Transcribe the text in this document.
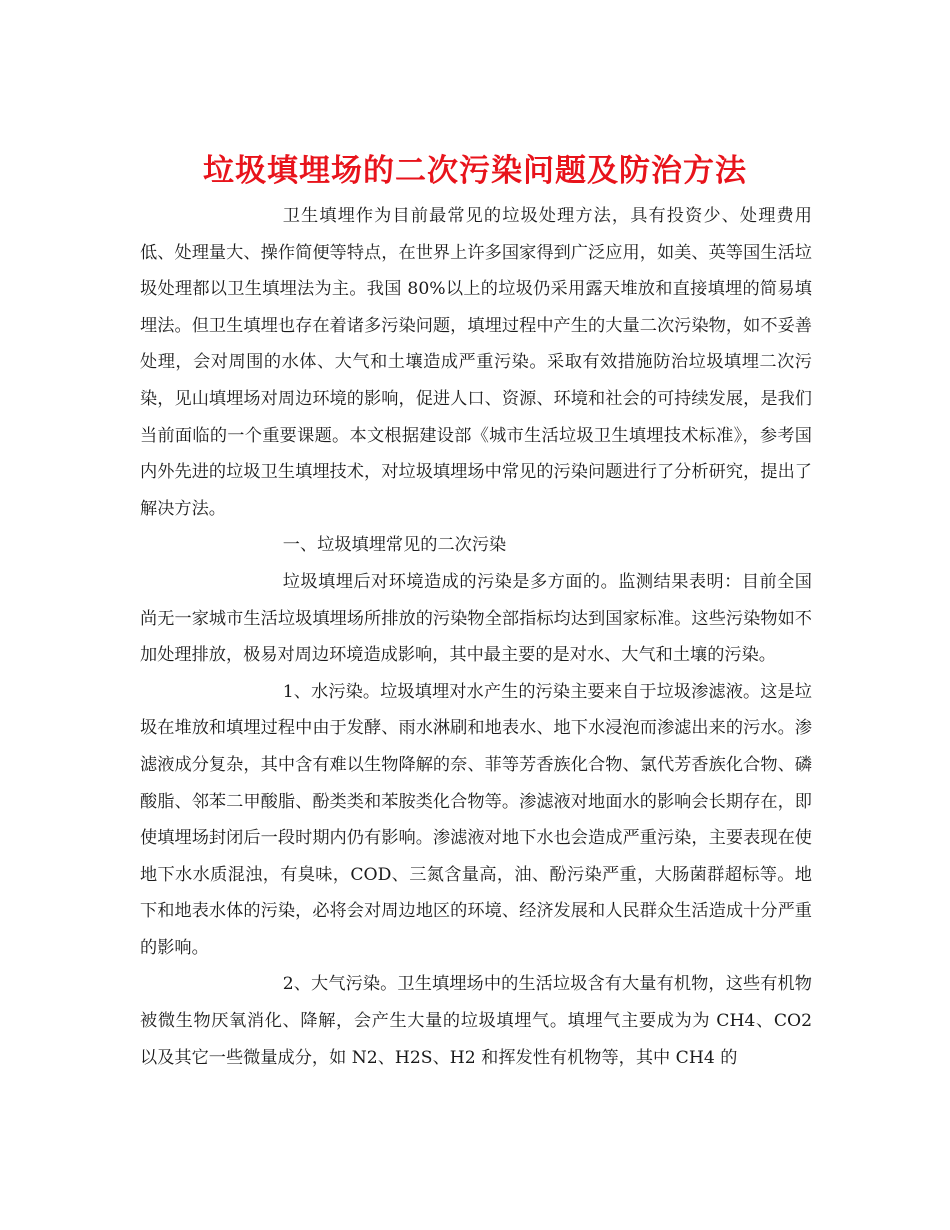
垃圾填埋场的二次污染问题及防治方法

卫生填埋作为目前最常见的垃圾处理方法，具有投资少、处理费用低、处理量大、操作简便等特点，在世界上许多国家得到广泛应用，如美、英等国生活垃圾处理都以卫生填埋法为主。我国 80%以上的垃圾仍采用露天堆放和直接填埋的简易填埋法。但卫生填埋也存在着诸多污染问题，填埋过程中产生的大量二次污染物，如不妥善处理，会对周围的水体、大气和土壤造成严重污染。采取有效措施防治垃圾填埋二次污染，见山填埋场对周边环境的影响，促进人口、资源、环境和社会的可持续发展，是我们当前面临的一个重要课题。本文根据建设部《城市生活垃圾卫生填埋技术标准》，参考国内外先进的垃圾卫生填埋技术，对垃圾填埋场中常见的污染问题进行了分析研究，提出了解决方法。

一、垃圾填埋常见的二次污染

垃圾填埋后对环境造成的污染是多方面的。监测结果表明：目前全国尚无一家城市生活垃圾填埋场所排放的污染物全部指标均达到国家标准。这些污染物如不加处理排放，极易对周边环境造成影响，其中最主要的是对水、大气和土壤的污染。

1、水污染。垃圾填埋对水产生的污染主要来自于垃圾渗滤液。这是垃圾在堆放和填埋过程中由于发酵、雨水淋刷和地表水、地下水浸泡而渗滤出来的污水。渗滤液成分复杂，其中含有难以生物降解的奈、菲等芳香族化合物、氯代芳香族化合物、磷酸脂、邻苯二甲酸脂、酚类类和苯胺类化合物等。渗滤液对地面水的影响会长期存在，即使填埋场封闭后一段时期内仍有影响。渗滤液对地下水也会造成严重污染，主要表现在使地下水水质混浊，有臭味，COD、三氮含量高，油、酚污染严重，大肠菌群超标等。地下和地表水体的污染，必将会对周边地区的环境、经济发展和人民群众生活造成十分严重的影响。

2、大气污染。卫生填埋场中的生活垃圾含有大量有机物，这些有机物被微生物厌氧消化、降解，会产生大量的垃圾填埋气。填埋气主要成为为 CH4、CO2 以及其它一些微量成分，如 N2、H2S、H2 和挥发性有机物等，其中 CH4 的
